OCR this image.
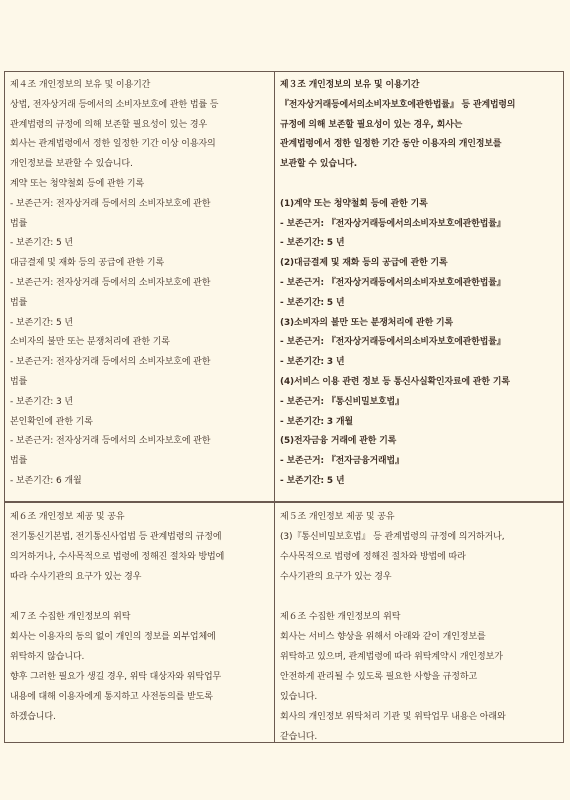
제４조 개인정보의 보유 및 이용기간
상법, 전자상거래 등에서의 소비자보호에 관한 법률 등
관계법령의 규정에 의해 보존할 필요성이 있는 경우
회사는 관계법령에서 정한 일정한 기간 이상 이용자의
개인정보를 보관할 수 있습니다.
계약 또는 청약철회 등에 관한 기록
- 보존근거: 전자상거래 등에서의 소비자보호에 관한
법률
- 보존기간: 5 년
대금결제 및 재화 등의 공급에 관한 기록
- 보존근거: 전자상거래 등에서의 소비자보호에 관한
법률
- 보존기간: 5 년
소비자의 불만 또는 분쟁처리에 관한 기록
- 보존근거: 전자상거래 등에서의 소비자보호에 관한
법률
- 보존기간: 3 년
본인확인에 관한 기록
- 보존근거: 전자상거래 등에서의 소비자보호에 관한
법률
- 보존기간: 6 개월
제３조 개인정보의 보유 및 이용기간
『전자상거래등에서의소비자보호에관한법률』 등 관계법령의
규정에 의해 보존할 필요성이 있는 경우, 회사는
관계법령에서 정한 일정한 기간 동안 이용자의 개인정보를
보관할 수 있습니다.
(1)계약 또는 청약철회 등에 관한 기록
- 보존근거: 『전자상거래등에서의소비자보호에관한법률』
- 보존기간: 5 년
(2)대금결제 및 재화 등의 공급에 관한 기록
- 보존근거: 『전자상거래등에서의소비자보호에관한법률』
- 보존기간: 5 년
(3)소비자의 불만 또는 분쟁처리에 관한 기록
- 보존근거: 『전자상거래등에서의소비자보호에관한법률』
- 보존기간: 3 년
(4)서비스 이용 관련 정보 등 통신사실확인자료에 관한 기록
- 보존근거: 『통신비밀보호법』
- 보존기간: 3 개월
(5)전자금융 거래에 관한 기록
- 보존근거: 『전자금융거래법』
- 보존기간: 5 년
제６조 개인정보 제공 및 공유
전기통신기본법, 전기통신사업법 등 관계법령의 규정에
의거하거나, 수사목적으로 법령에 정해진 절차와 방법에
따라 수사기관의 요구가 있는 경우
제７조 수집한 개인정보의 위탁
회사는 이용자의 동의 없이 개인의 정보를 외부업체에
위탁하지 않습니다.
향후 그러한 필요가 생길 경우, 위탁 대상자와 위탁업무
내용에 대해 이용자에게 통지하고 사전동의를 받도록
하겠습니다.
제５조 개인정보 제공 및 공유
(3)『통신비밀보호법』 등 관계법령의 규정에 의거하거나,
수사목적으로 법령에 정해진 절차와 방법에 따라
수사기관의 요구가 있는 경우
제６조 수집한 개인정보의 위탁
회사는 서비스 향상을 위해서 아래와 같이 개인정보를
위탁하고 있으며, 관계법령에 따라 위탁계약시 개인정보가
안전하게 관리될 수 있도록 필요한 사항을 규정하고
있습니다.
회사의 개인정보 위탁처리 기관 및 위탁업무 내용은 아래와
같습니다.
